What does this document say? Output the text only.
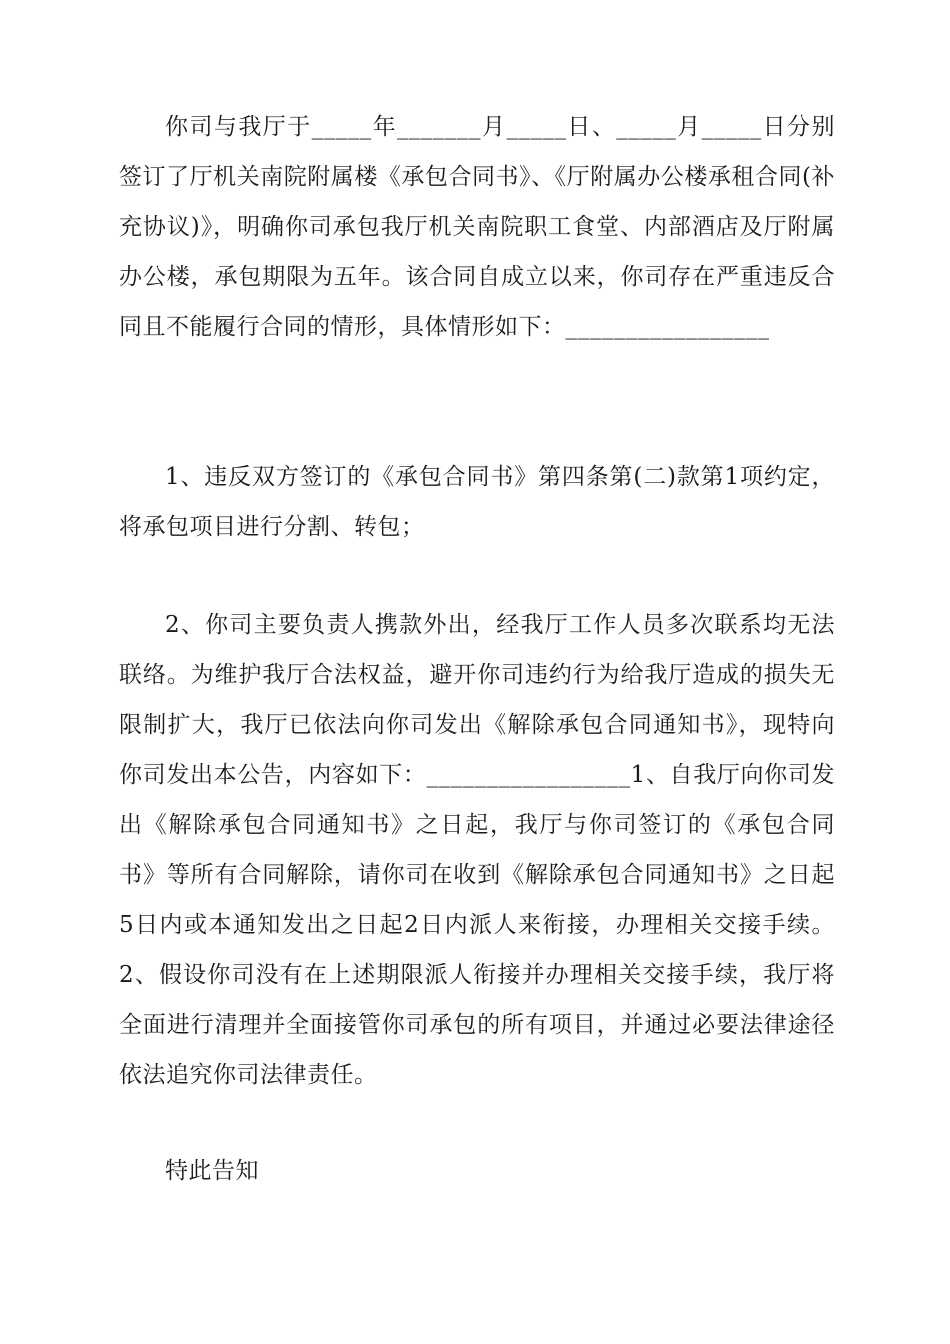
你司与我厅于_____年_______月_____日、_____月_____日分别签订了厅机关南院附属楼《承包合同书》、《厅附属办公楼承租合同(补充协议)》，明确你司承包我厅机关南院职工食堂、内部酒店及厅附属办公楼，承包期限为五年。该合同自成立以来，你司存在严重违反合同且不能履行合同的情形，具体情形如下：_________________

1、违反双方签订的《承包合同书》第四条第(二)款第1项约定，将承包项目进行分割、转包；

2、你司主要负责人携款外出，经我厅工作人员多次联系均无法联络。为维护我厅合法权益，避开你司违约行为给我厅造成的损失无限制扩大，我厅已依法向你司发出《解除承包合同通知书》，现特向你司发出本公告，内容如下：_________________1、自我厅向你司发出《解除承包合同通知书》之日起，我厅与你司签订的《承包合同书》等所有合同解除，请你司在收到《解除承包合同通知书》之日起5日内或本通知发出之日起2日内派人来衔接，办理相关交接手续。2、假设你司没有在上述期限派人衔接并办理相关交接手续，我厅将全面进行清理并全面接管你司承包的所有项目，并通过必要法律途径依法追究你司法律责任。

特此告知
